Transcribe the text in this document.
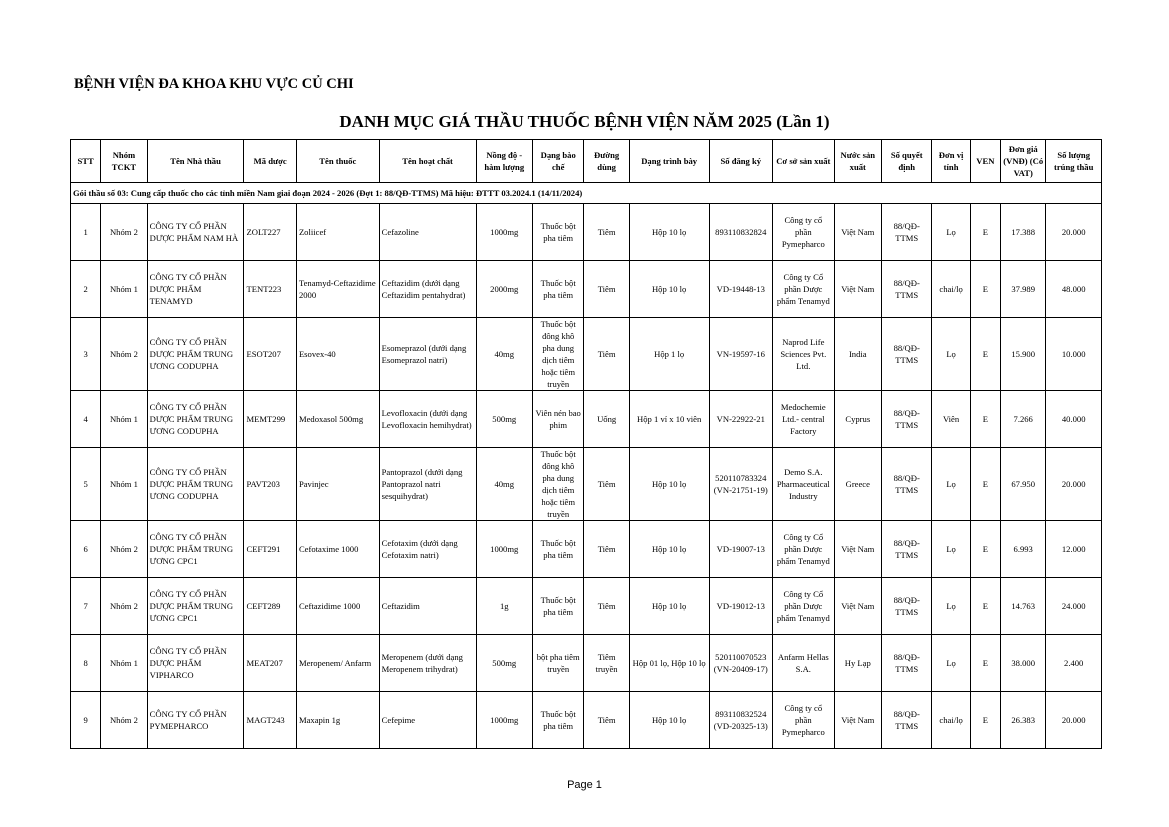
BỆNH VIỆN ĐA KHOA KHU VỰC CỦ CHI
DANH MỤC GIÁ THẦU THUỐC BỆNH VIỆN NĂM 2025 (Lần 1)
STT	Nhóm TCKT	Tên Nhà thầu	Mã dược	Tên thuốc	Tên hoạt chất	Nồng độ - hàm lượng	Dạng bào chế	Đường dùng	Dạng trình bày	Số đăng ký	Cơ sở sản xuất	Nước sản xuất	Số quyết định	Đơn vị tính	VEN	Đơn giá (VNĐ) (Có VAT)	Số lượng trúng thầu
Gói thầu số 03: Cung cấp thuốc cho các tỉnh miền Nam giai đoạn 2024 - 2026 (Đợt 1: 88/QĐ-TTMS) Mã hiệu: ĐTTT 03.2024.1 (14/11/2024)																	
1	Nhóm 2	CÔNG TY CỔ PHẦN DƯỢC PHẨM NAM HÀ	ZOLT227	Zoliicef	Cefazoline	1000mg	Thuốc bột pha tiêm	Tiêm	Hộp 10 lọ	893110832824	Công ty cổ phần Pymepharco	Việt Nam	88/QĐ-TTMS	Lọ	E	17.388	20.000
2	Nhóm 1	CÔNG TY CỔ PHẦN DƯỢC PHẨM TENAMYD	TENT223	Tenamyd-Ceftazidime 2000	Ceftazidim (dưới dạng Ceftazidim pentahydrat)	2000mg	Thuốc bột pha tiêm	Tiêm	Hộp 10 lọ	VD-19448-13	Công ty Cổ phần Dược phẩm Tenamyd	Việt Nam	88/QĐ-TTMS	chai/lọ	E	37.989	48.000
3	Nhóm 2	CÔNG TY CỔ PHẦN DƯỢC PHẨM TRUNG ƯƠNG CODUPHA	ESOT207	Esovex-40	Esomeprazol (dưới dạng Esomeprazol natri)	40mg	Thuốc bột đông khô pha dung dịch tiêm hoặc tiêm truyền	Tiêm	Hộp 1 lọ	VN-19597-16	Naprod Life Sciences Pvt. Ltd.	India	88/QĐ-TTMS	Lọ	E	15.900	10.000
4	Nhóm 1	CÔNG TY CỔ PHẦN DƯỢC PHẨM TRUNG ƯƠNG CODUPHA	MEMT299	Medoxasol 500mg	Levofloxacin (dưới dạng Levofloxacin hemihydrat)	500mg	Viên nén bao phim	Uống	Hộp 1 vỉ x 10 viên	VN-22922-21	Medochemie Ltd.- central Factory	Cyprus	88/QĐ-TTMS	Viên	E	7.266	40.000
5	Nhóm 1	CÔNG TY CỔ PHẦN DƯỢC PHẨM TRUNG ƯƠNG CODUPHA	PAVT203	Pavinjec	Pantoprazol (dưới dạng Pantoprazol natri sesquihydrat)	40mg	Thuốc bột đông khô pha dung dịch tiêm hoặc tiêm truyền	Tiêm	Hộp 10 lọ	520110783324 (VN-21751-19)	Demo S.A. Pharmaceutical Industry	Greece	88/QĐ-TTMS	Lọ	E	67.950	20.000
6	Nhóm 2	CÔNG TY CỔ PHẦN DƯỢC PHẨM TRUNG ƯƠNG CPC1	CEFT291	Cefotaxime 1000	Cefotaxim (dưới dạng Cefotaxim natri)	1000mg	Thuốc bột pha tiêm	Tiêm	Hộp 10 lọ	VD-19007-13	Công ty Cổ phần Dược phẩm Tenamyd	Việt Nam	88/QĐ-TTMS	Lọ	E	6.993	12.000
7	Nhóm 2	CÔNG TY CỔ PHẦN DƯỢC PHẨM TRUNG ƯƠNG CPC1	CEFT289	Ceftazidime 1000	Ceftazidim	1g	Thuốc bột pha tiêm	Tiêm	Hộp 10 lọ	VD-19012-13	Công ty Cổ phần Dược phẩm Tenamyd	Việt Nam	88/QĐ-TTMS	Lọ	E	14.763	24.000
8	Nhóm 1	CÔNG TY CỔ PHẦN DƯỢC PHẨM VIPHARCO	MEAT207	Meropenem/ Anfarm	Meropenem (dưới dạng Meropenem trihydrat)	500mg	bột pha tiêm truyền	Tiêm truyền	Hộp 01 lọ, Hộp 10 lọ	520110070523 (VN-20409-17)	Anfarm Hellas S.A.	Hy Lạp	88/QĐ-TTMS	Lọ	E	38.000	2.400
9	Nhóm 2	CÔNG TY CỔ PHẦN PYMEPHARCO	MAGT243	Maxapin 1g	Cefepime	1000mg	Thuốc bột pha tiêm	Tiêm	Hộp 10 lọ	893110832524 (VD-20325-13)	Công ty cổ phần Pymepharco	Việt Nam	88/QĐ-TTMS	chai/lọ	E	26.383	20.000
Page 1
